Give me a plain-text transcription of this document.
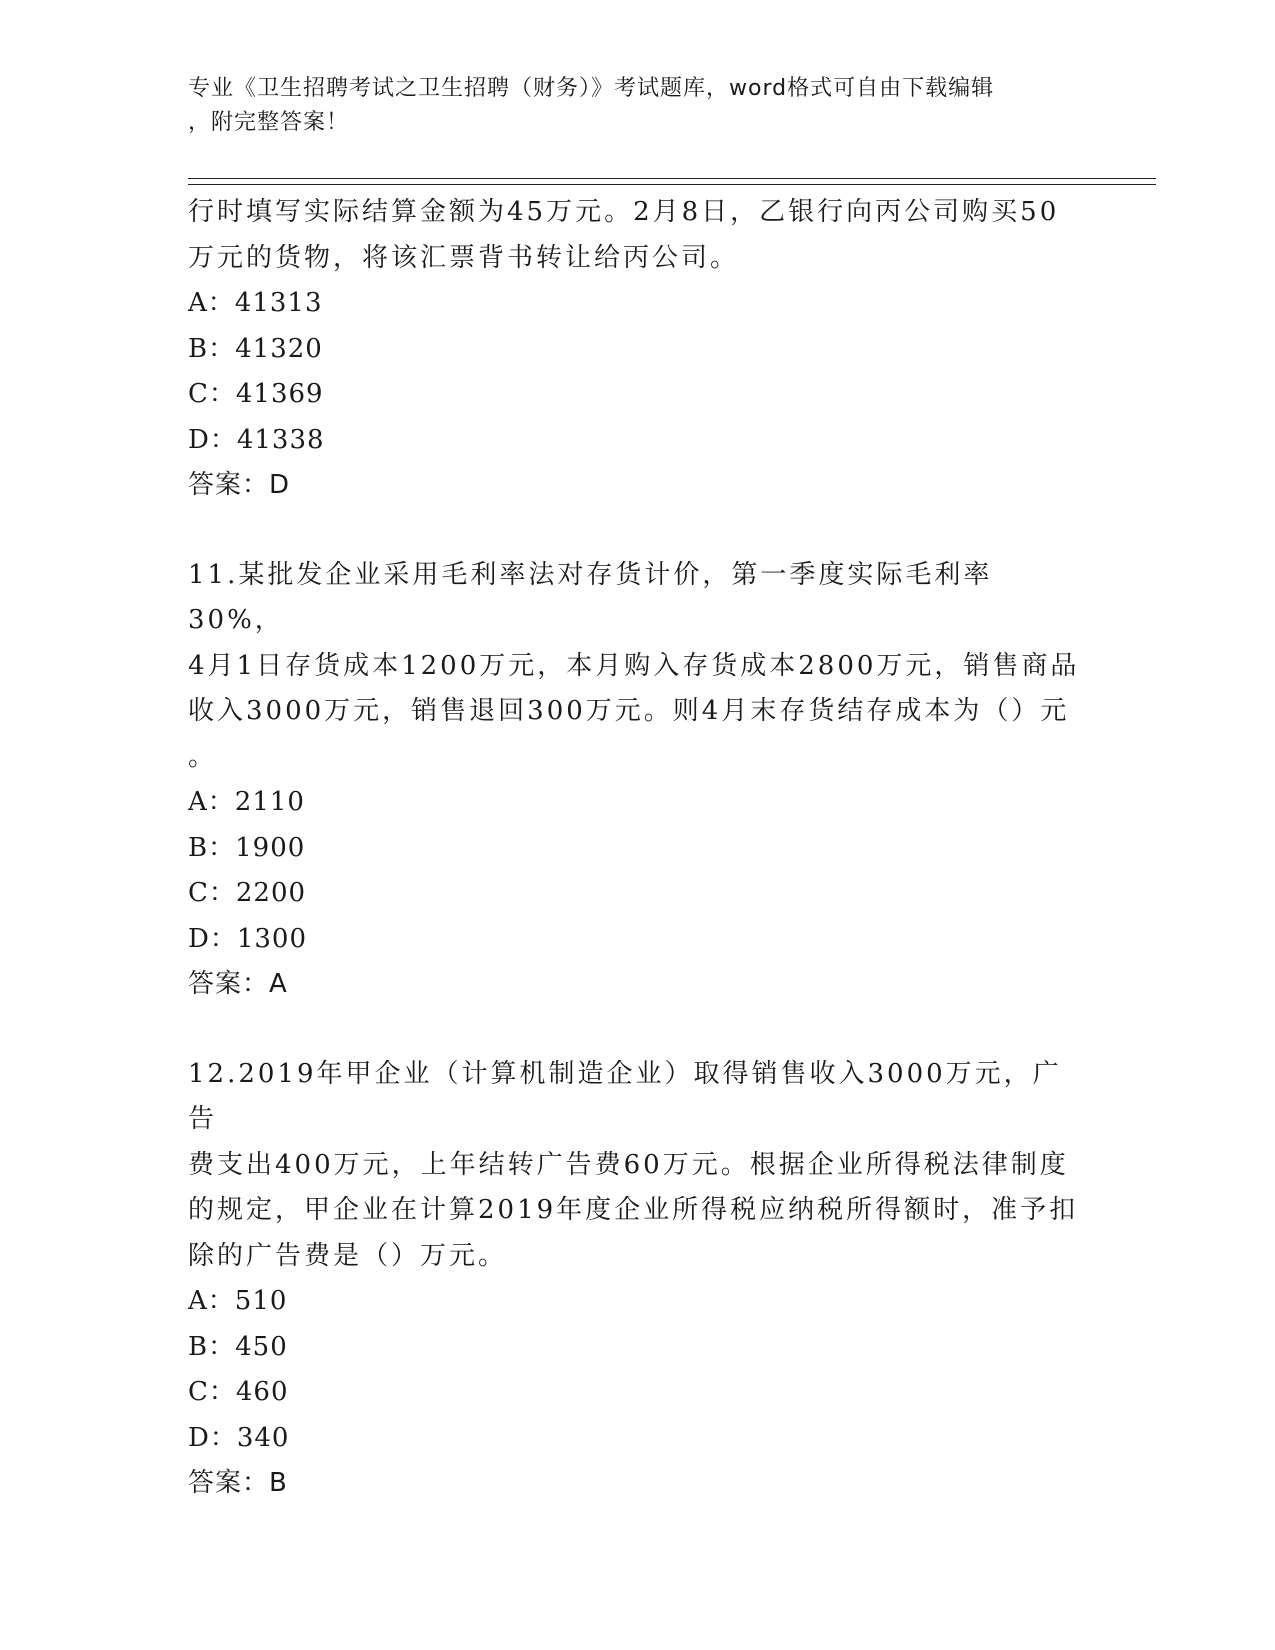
专业《卫生招聘考试之卫生招聘（财务）》考试题库，word格式可自由下载编辑
，附完整答案！
行时填写实际结算金额为45万元。2月8日，乙银行向丙公司购买50
万元的货物，将该汇票背书转让给丙公司。
A：41313
B：41320
C：41369
D：41338
答案：D
11.某批发企业采用毛利率法对存货计价，第一季度实际毛利率30%，
4月1日存货成本1200万元，本月购入存货成本2800万元，销售商品
收入3000万元，销售退回300万元。则4月末存货结存成本为（）元
。
A：2110
B：1900
C：2200
D：1300
答案：A
12.2019年甲企业（计算机制造企业）取得销售收入3000万元，广告
费支出400万元，上年结转广告费60万元。根据企业所得税法律制度
的规定，甲企业在计算2019年度企业所得税应纳税所得额时，准予扣
除的广告费是（）万元。
A：510
B：450
C：460
D：340
答案：B
